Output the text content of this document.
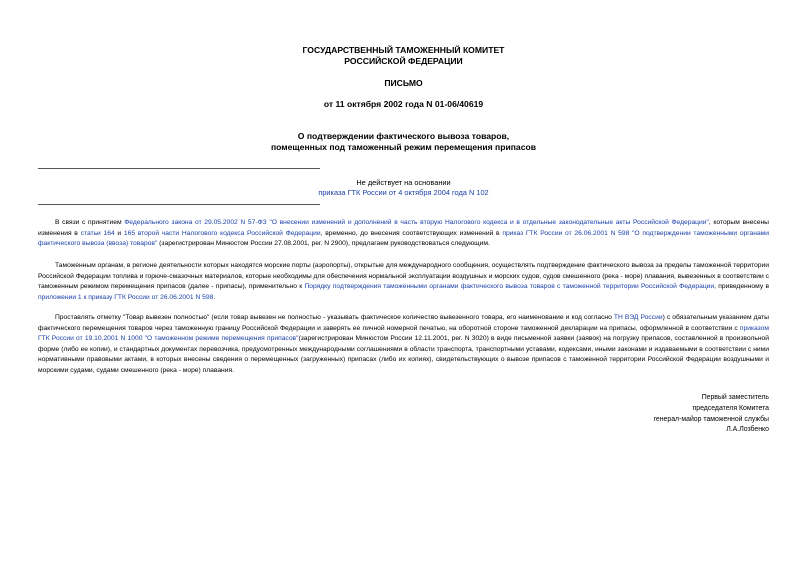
ГОСУДАРСТВЕННЫЙ ТАМОЖЕННЫЙ КОМИТЕТ
РОССИЙСКОЙ ФЕДЕРАЦИИ
ПИСЬМО
от 11 октября 2002 года N 01-06/40619
О подтверждении фактического вывоза товаров,
помещенных под таможенный режим перемещения припасов
Не действует на основании
приказа ГТК России от 4 октября 2004 года N 102
В связи с принятием Федерального закона от 29.05.2002 N 57-ФЗ "О внесении изменений и дополнений в часть вторую Налогового кодекса и в отдельные законодательные акты Российской Федерации", которым внесены изменения в статьи 164 и 165 второй части Налогового кодекса Российской Федерации, временно, до внесения соответствующих изменений в приказ ГТК России от 26.06.2001 N 598 "О подтверждении таможенными органами фактического вывоза (ввоза) товаров" (зарегистрирован Минюстом России 27.08.2001, рег. N 2900), предлагаем руководствоваться следующим.
Таможенным органам, в регионе деятельности которых находятся морские порты (аэропорты), открытые для международного сообщения, осуществлять подтверждение фактического вывоза за пределы таможенной территории Российской Федерации топлива и горюче-смазочных материалов, которые необходимы для обеспечения нормальной эксплуатации воздушных и морских судов, судов смешенного (река - море) плавания, вывезенных в соответствии с таможенным режимом перемещения припасов (далее - припасы), применительно к Порядку подтверждения таможенными органами фактического вывоза товаров с таможенной территории Российской Федерации, приведенному в приложении 1 к приказу ГТК России от 26.06.2001 N 598.
Проставлять отметку "Товар вывезен полностью" (если товар вывезен не полностью - указывать фактическое количество вывезенного товара, его наименование и код согласно ТН ВЭД России) с обязательным указанием даты фактического перемещения товаров через таможенную границу Российской Федерации и заверять ее личной номерной печатью, на оборотной стороне таможенной декларации на припасы, оформленной в соответствии с приказом ГТК России от 19.10.2001 N 1000 "О таможенном режиме перемещения припасов"(зарегистрирован Минюстом России 12.11.2001, рег. N 3020) в виде письменной заявки (заявок) на погрузку припасов, составленной в произвольной форме (либо ее копии), и стандартных документах перевозчика, предусмотренных международными соглашениями в области транспорта, транспортными уставами, кодексами, иными законами и издаваемыми в соответствии с ними нормативными правовыми актами, в которых внесены сведения о перемещенных (загруженных) припасах (либо их копиях), свидетельствующих о вывозе припасов с таможенной территории Российской Федерации воздушными и морскими судами, судами смешенного (река - море) плавания.
Первый заместитель
председателя Комитета
генерал-майор таможенной службы
Л.А.Лозбенко
